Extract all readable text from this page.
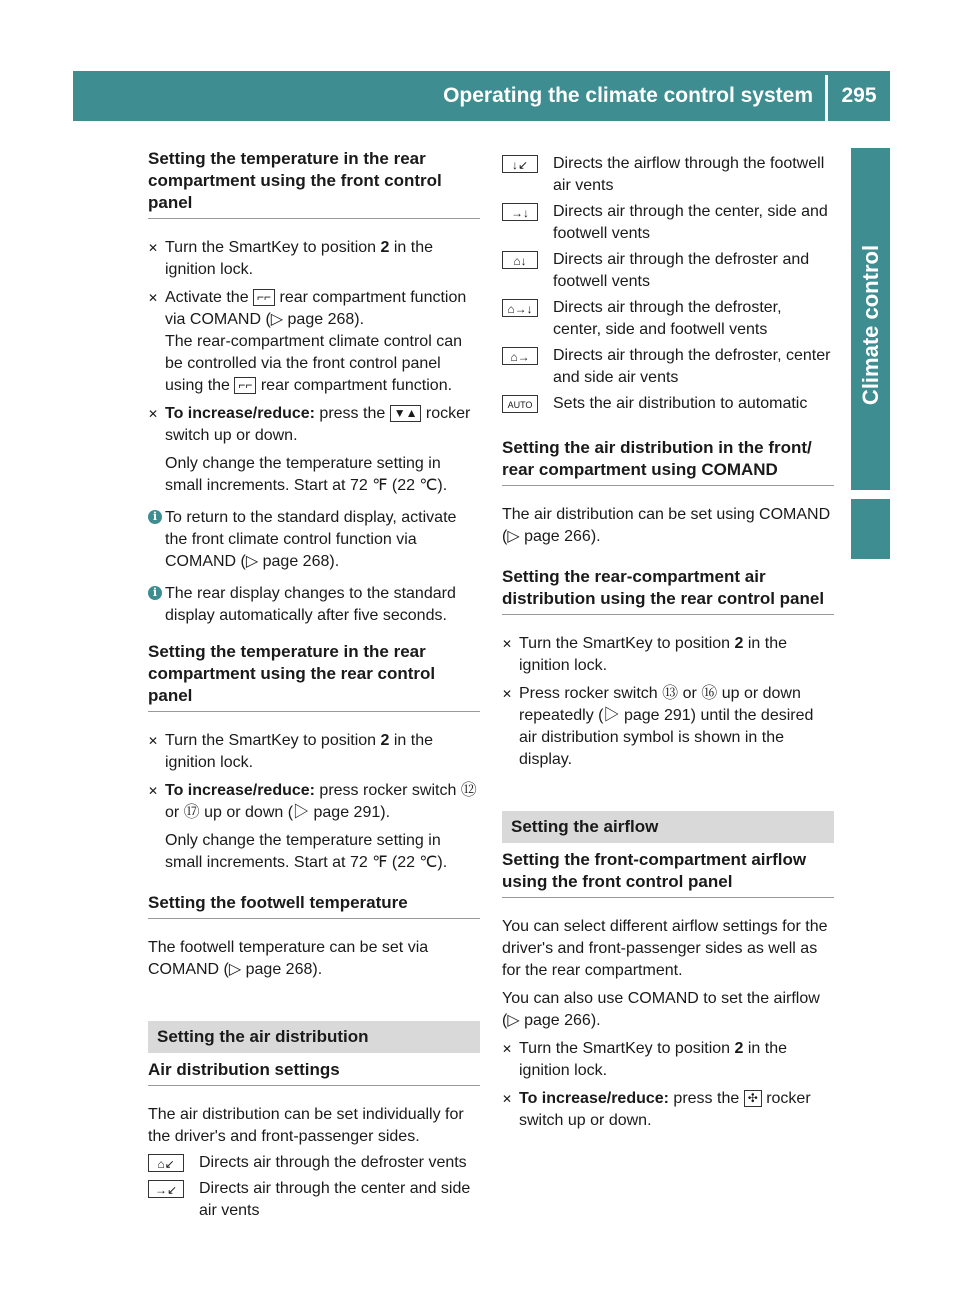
Operating the climate control system	295
Climate control
Setting the temperature in the rear compartment using the front control panel
✕ Turn the SmartKey to position 2 in the ignition lock.
✕ Activate the ⌐⌐ rear compartment function via COMAND (▷ page 268).
The rear-compartment climate control can be controlled via the front control panel using the ⌐⌐ rear compartment function.
✕ To increase/reduce: press the ▼▲ rocker switch up or down.

Only change the temperature setting in small increments. Start at 72 ℉ (22 ℃).

i To return to the standard display, activate the front climate control function via COMAND (▷ page 268).
i The rear display changes to the standard display automatically after five seconds.
Setting the temperature in the rear compartment using the rear control panel
✕ Turn the SmartKey to position 2 in the ignition lock.
✕ To increase/reduce: press rocker switch ⑫ or ⑰ up or down (▷ page 291).

Only change the temperature setting in small increments. Start at 72 ℉ (22 ℃).

Setting the footwell temperature

The footwell temperature can be set via COMAND (▷ page 268).

Setting the air distribution
Air distribution settings

The air distribution can be set individually for the driver's and front-passenger sides.

⌂↙	Directs air through the defroster vents
→↙	Directs air through the center and side air vents
↓↙	Directs the airflow through the footwell air vents
→↓	Directs air through the center, side and footwell vents
⌂↓	Directs air through the defroster and footwell vents
⌂→↓	Directs air through the defroster, center, side and footwell vents
⌂→	Directs air through the defroster, center and side air vents
AUTO	Sets the air distribution to automatic
Setting the air distribution in the front/ rear compartment using COMAND

The air distribution can be set using COMAND (▷ page 266).

Setting the rear-compartment air distribution using the rear control panel
✕ Turn the SmartKey to position 2 in the ignition lock.
✕ Press rocker switch ⑬ or ⑯ up or down repeatedly (▷ page 291) until the desired air distribution symbol is shown in the display.
Setting the airflow
Setting the front-compartment airflow using the front control panel

You can select different airflow settings for the driver's and front-passenger sides as well as for the rear compartment.

You can also use COMAND to set the airflow (▷ page 266).

✕ Turn the SmartKey to position 2 in the ignition lock.
✕ To increase/reduce: press the ✣ rocker switch up or down.
